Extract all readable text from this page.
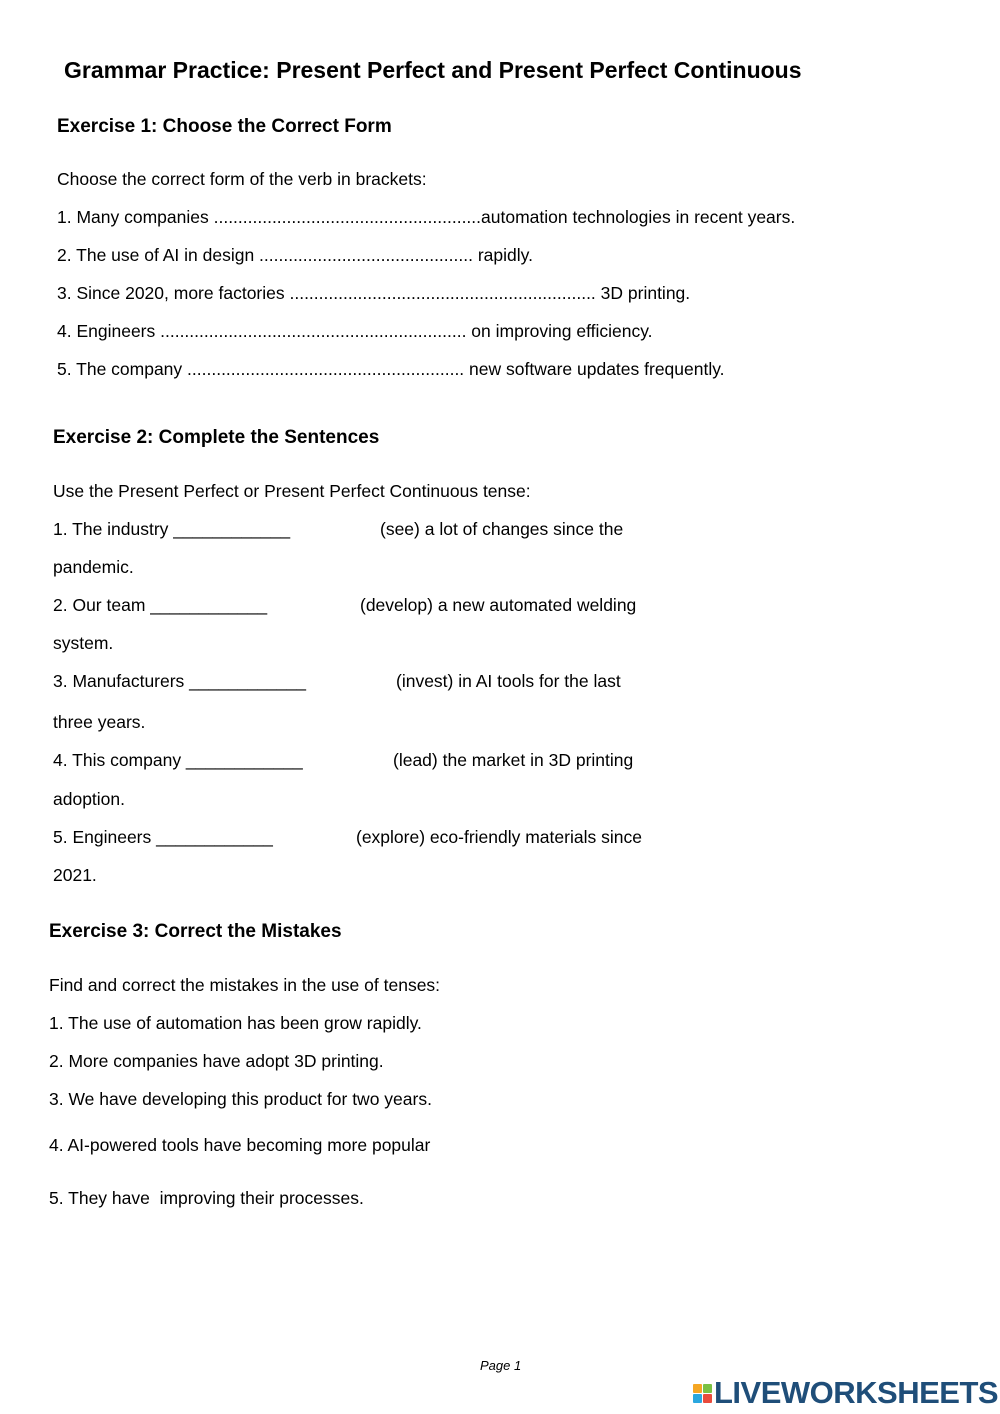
Grammar Practice: Present Perfect and Present Perfect Continuous
Exercise 1: Choose the Correct Form
Choose the correct form of the verb in brackets:
1. Many companies .......................................................automation technologies in recent years.
2. The use of AI in design ............................................ rapidly.
3. Since 2020, more factories ............................................................... 3D printing.
4. Engineers ............................................................... on improving efficiency.
5. The company ......................................................... new software updates frequently.
Exercise 2: Complete the Sentences
Use the Present Perfect or Present Perfect Continuous tense:
1. The industry ____________	(see) a lot of changes since the
pandemic.
2. Our team ____________	(develop) a new automated welding
system.
3. Manufacturers ____________	(invest) in AI tools for the last
three years.
4. This company ____________	(lead) the market in 3D printing
adoption.
5. Engineers ____________	(explore) eco-friendly materials since
2021.
Exercise 3: Correct the Mistakes
Find and correct the mistakes in the use of tenses:
1. The use of automation has been grow rapidly.
2. More companies have adopt 3D printing.
3. We have developing this product for two years.
4. AI-powered tools have becoming more popular
5. They have  improving their processes.
Page 1
LIVEWORKSHEETS
